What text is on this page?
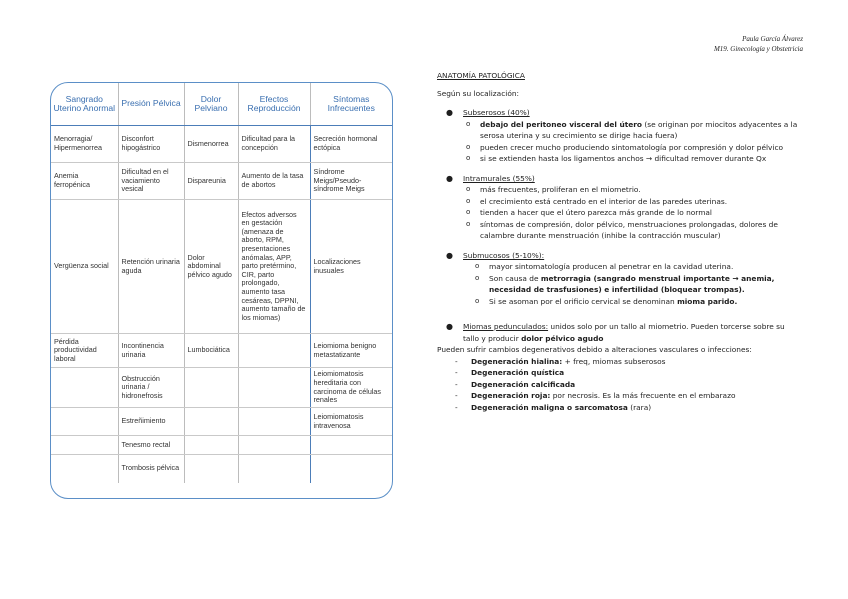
Paula García Álvarez
M19. Ginecología y Obstetricia
Sangrado Uterino Anormal	Presión Pélvica	Dolor Pelviano	Efectos Reproducción	Síntomas Infrecuentes
Menorragia/ Hipermenorrea	Disconfort hipogástrico	Dismenorrea	Dificultad para la concepción	Secreción hormonal ectópica
Anemia ferropénica	Dificultad en el vaciamiento vesical	Dispareunia	Aumento de la tasa de abortos	Síndrome Meigs/Pseudo-síndrome Meigs
Vergüenza social	Retención urinaria aguda	Dolor abdominal pélvico agudo	Efectos adversos en gestación (amenaza de aborto, RPM, presentaciones anómalas, APP, parto pretérmino, CIR, parto prolongado, aumento tasa cesáreas, DPPNI, aumento tamaño de los miomas)	Localizaciones inusuales
Pérdida productividad laboral	Incontinencia urinaria	Lumbociática		Leiomioma benigno metastatizante
	Obstrucción urinaria / hidronefrosis			Leiomiomatosis hereditaria con carcinoma de células renales
	Estreñimiento			Leiomiomatosis intravenosa
	Tenesmo rectal			
	Trombosis pélvica			
ANATOMÍA PATOLÓGICA
Según su localización:
● Subserosos (40%)
o debajo del peritoneo visceral del útero (se originan por miocitos adyacentes a la serosa uterina y su crecimiento se dirige hacia fuera)
o pueden crecer mucho produciendo sintomatología por compresión y dolor pélvico
o si se extienden hasta los ligamentos anchos → dificultad remover durante Qx
● Intramurales (55%)
o más frecuentes, proliferan en el miometrio.
o el crecimiento está centrado en el interior de las paredes uterinas.
o tienden a hacer que el útero parezca más grande de lo normal
o síntomas de compresión, dolor pélvico, menstruaciones prolongadas, dolores de calambre durante menstruación (inhibe la contracción muscular)
● Submucosos (5-10%):
o mayor sintomatología producen al penetrar en la cavidad uterina.
o Son causa de metrorragia (sangrado menstrual importante → anemia, necesidad de trasfusiones) e infertilidad (bloquear trompas).
o Si se asoman por el orificio cervical se denominan mioma parido.
● Miomas pedunculados: unidos solo por un tallo al miometrio. Pueden torcerse sobre su tallo y producir dolor pélvico agudo
Pueden sufrir cambios degenerativos debido a alteraciones vasculares o infecciones:
- Degeneración hialina: + freq, miomas subserosos
- Degeneración quística
- Degeneración calcificada
- Degeneración roja: por necrosis. Es la más frecuente en el embarazo
- Degeneración maligna o sarcomatosa (rara)
